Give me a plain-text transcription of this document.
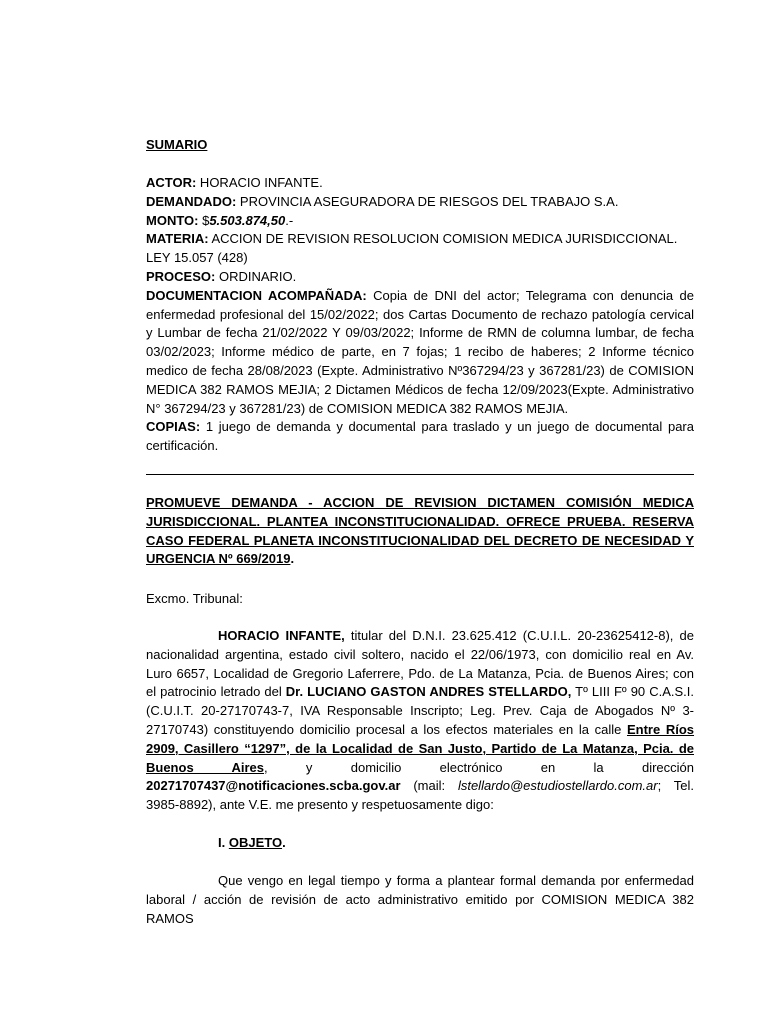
SUMARIO

ACTOR: HORACIO INFANTE.

DEMANDADO: PROVINCIA ASEGURADORA DE RIESGOS DEL TRABAJO S.A.

MONTO: $5.503.874,50.-

MATERIA: ACCION DE REVISION RESOLUCION COMISION MEDICA JURISDICCIONAL. LEY 15.057 (428)

PROCESO: ORDINARIO.

DOCUMENTACION ACOMPAÑADA: Copia de DNI del actor; Telegrama con denuncia de enfermedad profesional del 15/02/2022; dos Cartas Documento de rechazo patología cervical y Lumbar de fecha 21/02/2022 Y 09/03/2022; Informe de RMN de columna lumbar, de fecha 03/02/2023; Informe médico de parte, en 7 fojas; 1 recibo de haberes; 2 Informe técnico medico de fecha 28/08/2023 (Expte. Administrativo Nº367294/23 y 367281/23) de COMISION MEDICA 382 RAMOS MEJIA; 2 Dictamen Médicos de fecha 12/09/2023(Expte. Administrativo N° 367294/23 y 367281/23) de COMISION MEDICA 382 RAMOS MEJIA.

COPIAS: 1 juego de demanda y documental para traslado y un juego de documental para certificación.

PROMUEVE DEMANDA - ACCION DE REVISION DICTAMEN COMISIÓN MEDICA JURISDICCIONAL. PLANTEA INCONSTITUCIONALIDAD. OFRECE PRUEBA. RESERVA CASO FEDERAL PLANETA INCONSTITUCIONALIDAD DEL DECRETO DE NECESIDAD Y URGENCIA Nº 669/2019.
Excmo. Tribunal:
HORACIO INFANTE, titular del D.N.I. 23.625.412 (C.U.I.L. 20-23625412-8), de nacionalidad argentina, estado civil soltero, nacido el 22/06/1973, con domicilio real en Av. Luro 6657, Localidad de Gregorio Laferrere, Pdo. de La Matanza, Pcia. de Buenos Aires; con el patrocinio letrado del Dr. LUCIANO GASTON ANDRES STELLARDO, Tº LIII Fº 90 C.A.S.I. (C.U.I.T. 20-27170743-7, IVA Responsable Inscripto; Leg. Prev. Caja de Abogados Nº 3-27170743) constituyendo domicilio procesal a los efectos materiales en la calle Entre Ríos 2909, Casillero “1297”, de la Localidad de San Justo, Partido de La Matanza, Pcia. de Buenos Aires, y domicilio electrónico en la dirección 20271707437@notificaciones.scba.gov.ar (mail: lstellardo@estudiostellardo.com.ar; Tel. 3985-8892), ante V.E. me presento y respetuosamente digo:
I. OBJETO.
Que vengo en legal tiempo y forma a plantear formal demanda por enfermedad laboral / acción de revisión de acto administrativo emitido por COMISION MEDICA 382 RAMOS
